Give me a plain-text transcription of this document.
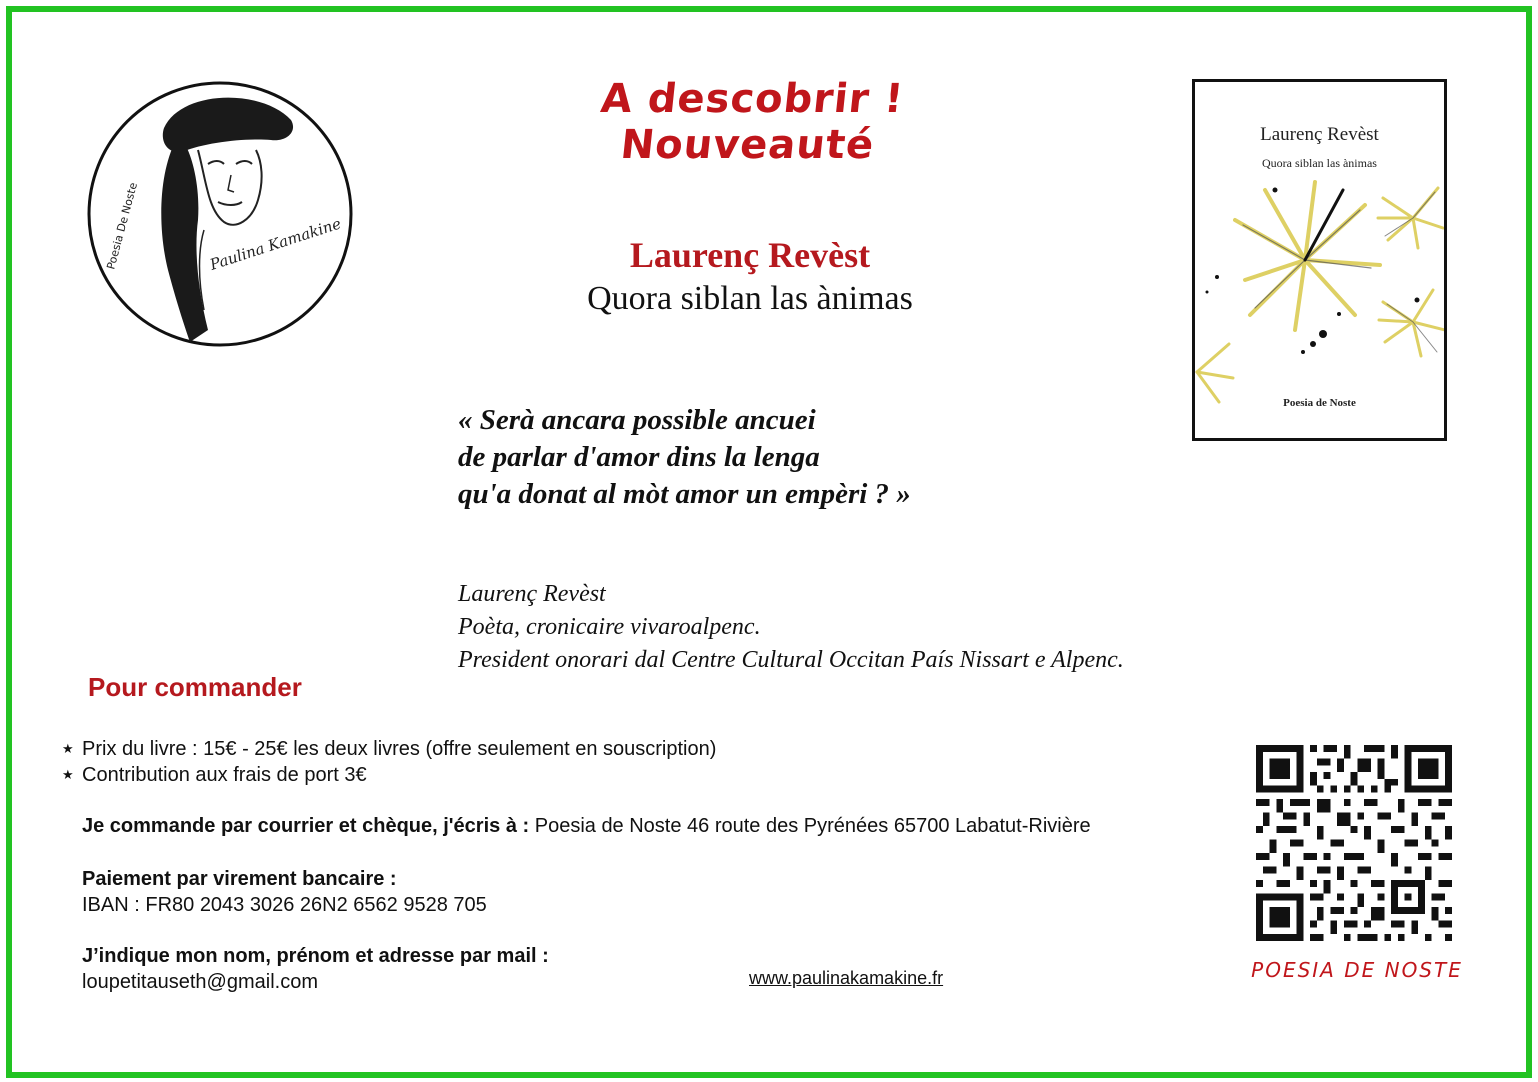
Poesia De Noste	Paulina Kamakine
A descobrir ! Nouveauté
Laurenç Revèst
Quora siblan las ànimas
« Serà ancara possible ancuei
de parlar d'amor dins la lenga
qu'a donat al mòt amor un empèri ? »
Laurenç Revèst
Poèta, cronicaire vivaroalpenc.
President onorari dal Centre Cultural Occitan País Nissart e Alpenc.
Laurenç Revèst
Quora siblan las ànimas
Poesia de Noste
Pour commander
★ Prix du livre : 15€ - 25€ les deux livres (offre seulement en souscription)
★ Contribution aux frais de port 3€
Je commande par courrier et chèque, j'écris à : Poesia de Noste 46 route des Pyrénées 65700 Labatut-Rivière
Paiement par virement bancaire :
IBAN : FR80 2043 3026 26N2 6562 9528 705
J’indique mon nom, prénom et adresse par mail :
loupetitauseth@gmail.com	www.paulinakamakine.fr	POESIA DE NOSTE
